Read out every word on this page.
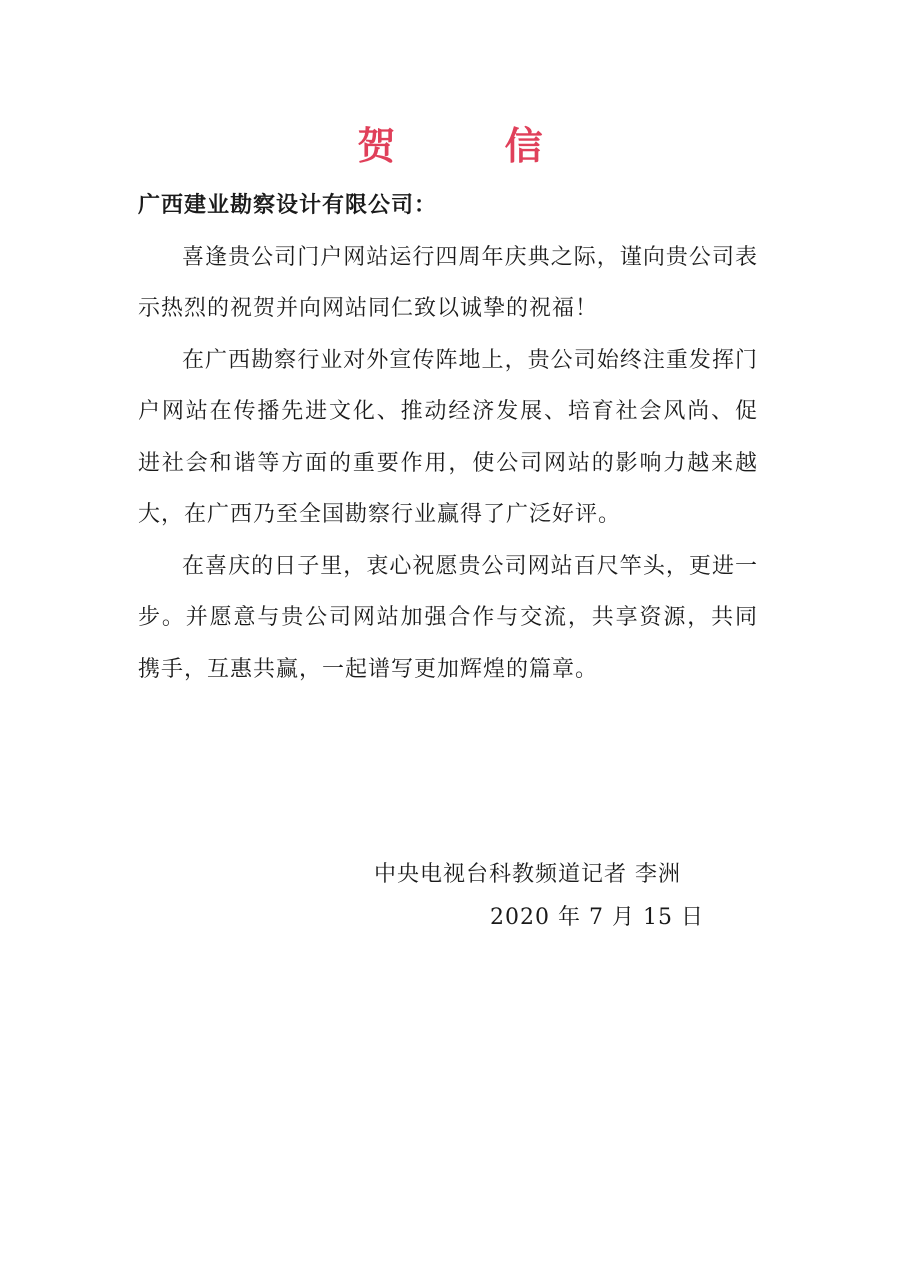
贺 信

广西建业勘察设计有限公司：

喜逢贵公司门户网站运行四周年庆典之际，谨向贵公司表示热烈的祝贺并向网站同仁致以诚挚的祝福！

在广西勘察行业对外宣传阵地上，贵公司始终注重发挥门户网站在传播先进文化、推动经济发展、培育社会风尚、促进社会和谐等方面的重要作用，使公司网站的影响力越来越大，在广西乃至全国勘察行业赢得了广泛好评。

在喜庆的日子里，衷心祝愿贵公司网站百尺竿头，更进一步。并愿意与贵公司网站加强合作与交流，共享资源，共同携手，互惠共赢，一起谱写更加辉煌的篇章。

中央电视台科教频道记者 李洲
2020 年 7 月 15 日
